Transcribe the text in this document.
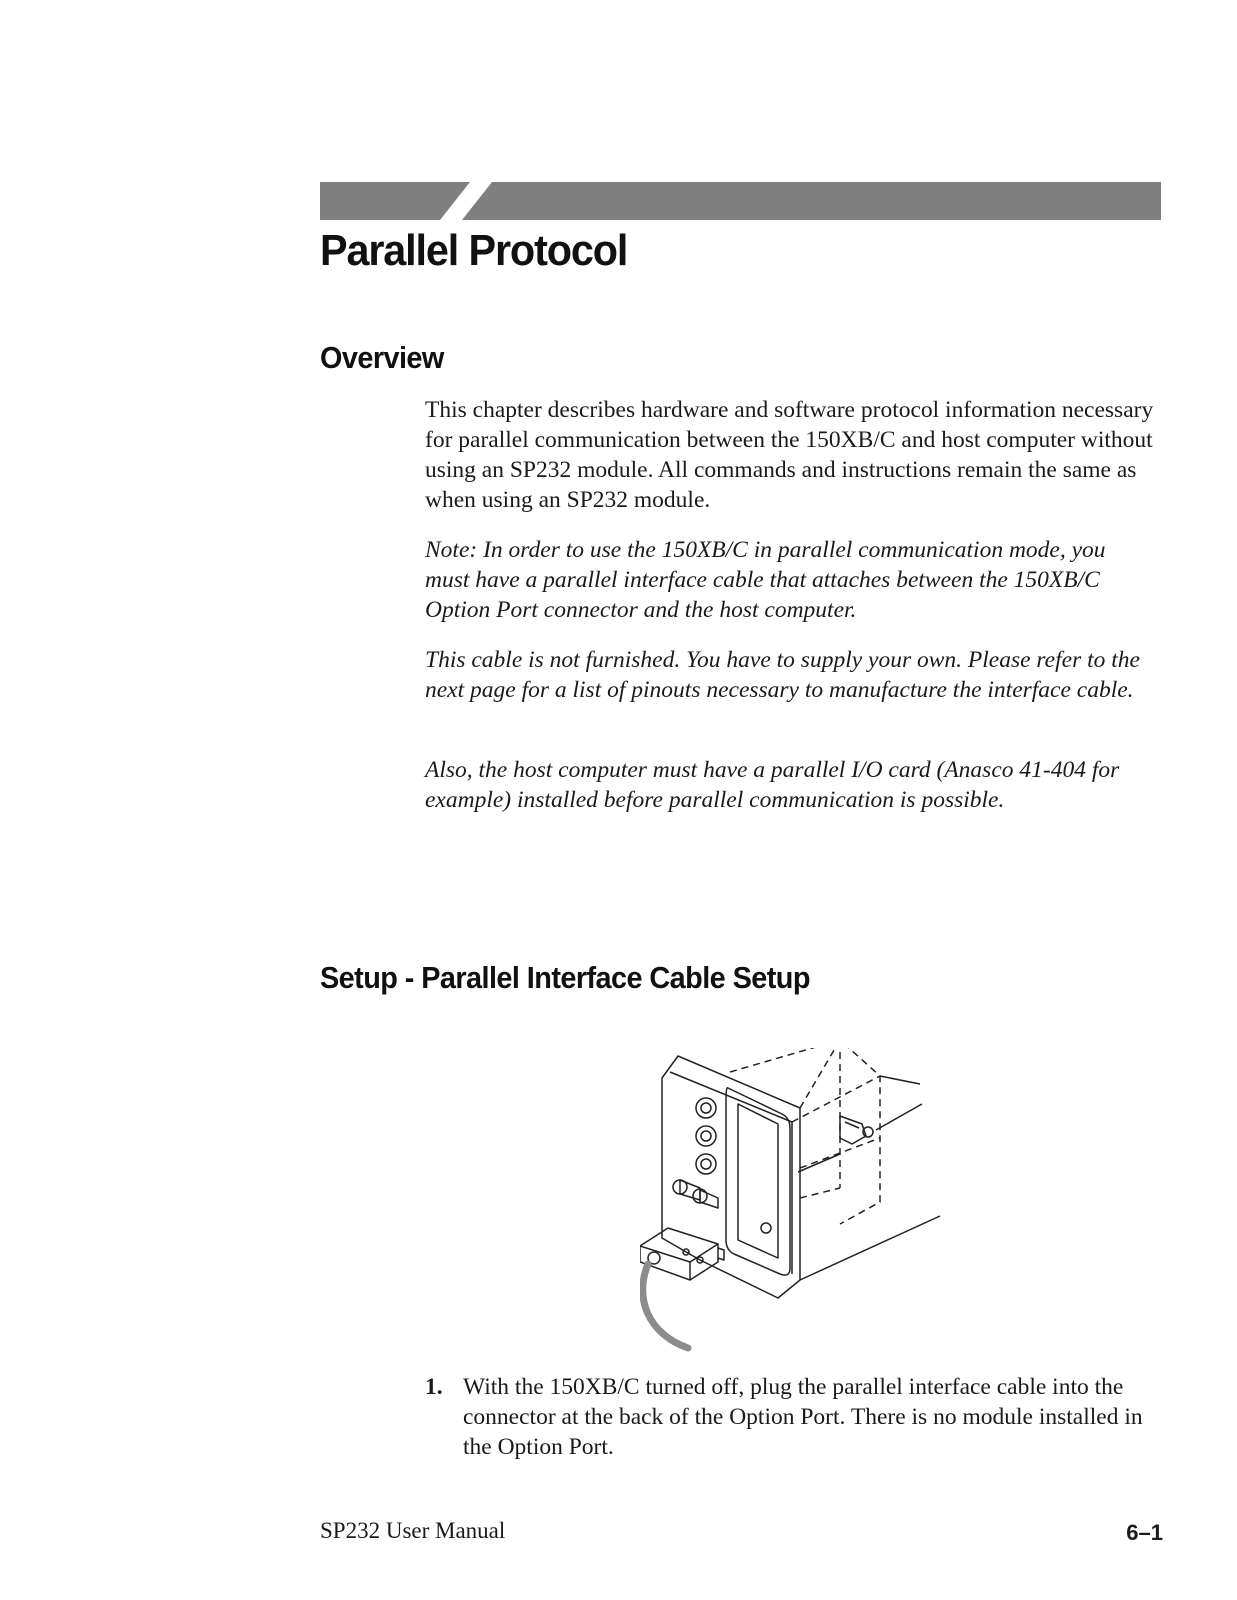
Parallel Protocol
Overview

This chapter describes hardware and software protocol information necessary for parallel communication between the 150XB/C and host computer without using an SP232 module. All commands and instructions remain the same as when using an SP232 module.

Note: In order to use the 150XB/C in parallel communication mode, you must have a parallel interface cable that attaches between the 150XB/C Option Port connector and the host computer.

This cable is not furnished. You have to supply your own. Please refer to the next page for a list of pinouts necessary to manufacture the interface cable.

Also, the host computer must have a parallel I/O card (Anasco 41-404 for example) installed before parallel communication is possible.

Setup - Parallel Interface Cable Setup
1. With the 150XB/C turned off, plug the parallel interface cable into the connector at the back of the Option Port. There is no module installed in the Option Port.

SP232 User Manual	6–1
